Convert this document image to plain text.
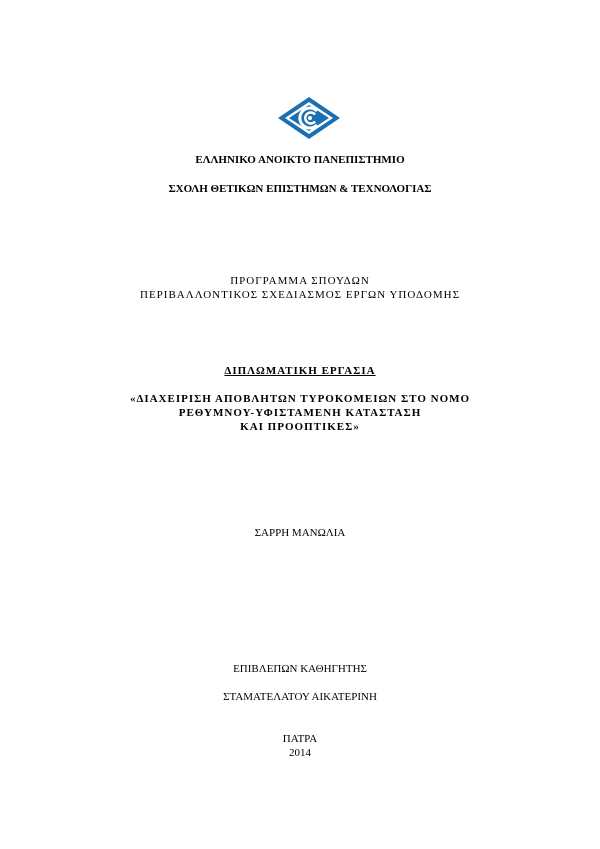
ΕΛΛΗΝΙΚΟ ΑΝΟΙΚΤΟ ΠΑΝΕΠΙΣΤΗΜΙΟ
ΣΧΟΛΗ ΘΕΤΙΚΩΝ ΕΠΙΣΤΗΜΩΝ & ΤΕΧΝΟΛΟΓΙΑΣ
ΠΡΟΓΡΑΜΜΑ ΣΠΟΥΔΩΝ
ΠΕΡΙΒΑΛΛΟΝΤΙΚΟΣ ΣΧΕΔΙΑΣΜΟΣ ΕΡΓΩΝ ΥΠΟΔΟΜΗΣ
ΔΙΠΛΩΜΑΤΙΚΗ ΕΡΓΑΣΙΑ
«ΔΙΑΧΕΙΡΙΣΗ ΑΠΟΒΛΗΤΩΝ ΤΥΡΟΚΟΜΕΙΩΝ ΣΤΟ ΝΟΜΟ
ΡΕΘΥΜΝΟΥ-ΥΦΙΣΤΑΜΕΝΗ ΚΑΤΑΣΤΑΣΗ
ΚΑΙ ΠΡΟΟΠΤΙΚΕΣ»
ΣΑΡΡΗ ΜΑΝΩΛΙΑ
ΕΠΙΒΛΕΠΩΝ ΚΑΘΗΓΗΤΗΣ
ΣΤΑΜΑΤΕΛΑΤΟΥ ΑΙΚΑΤΕΡΙΝΗ
ΠΑΤΡΑ
2014
